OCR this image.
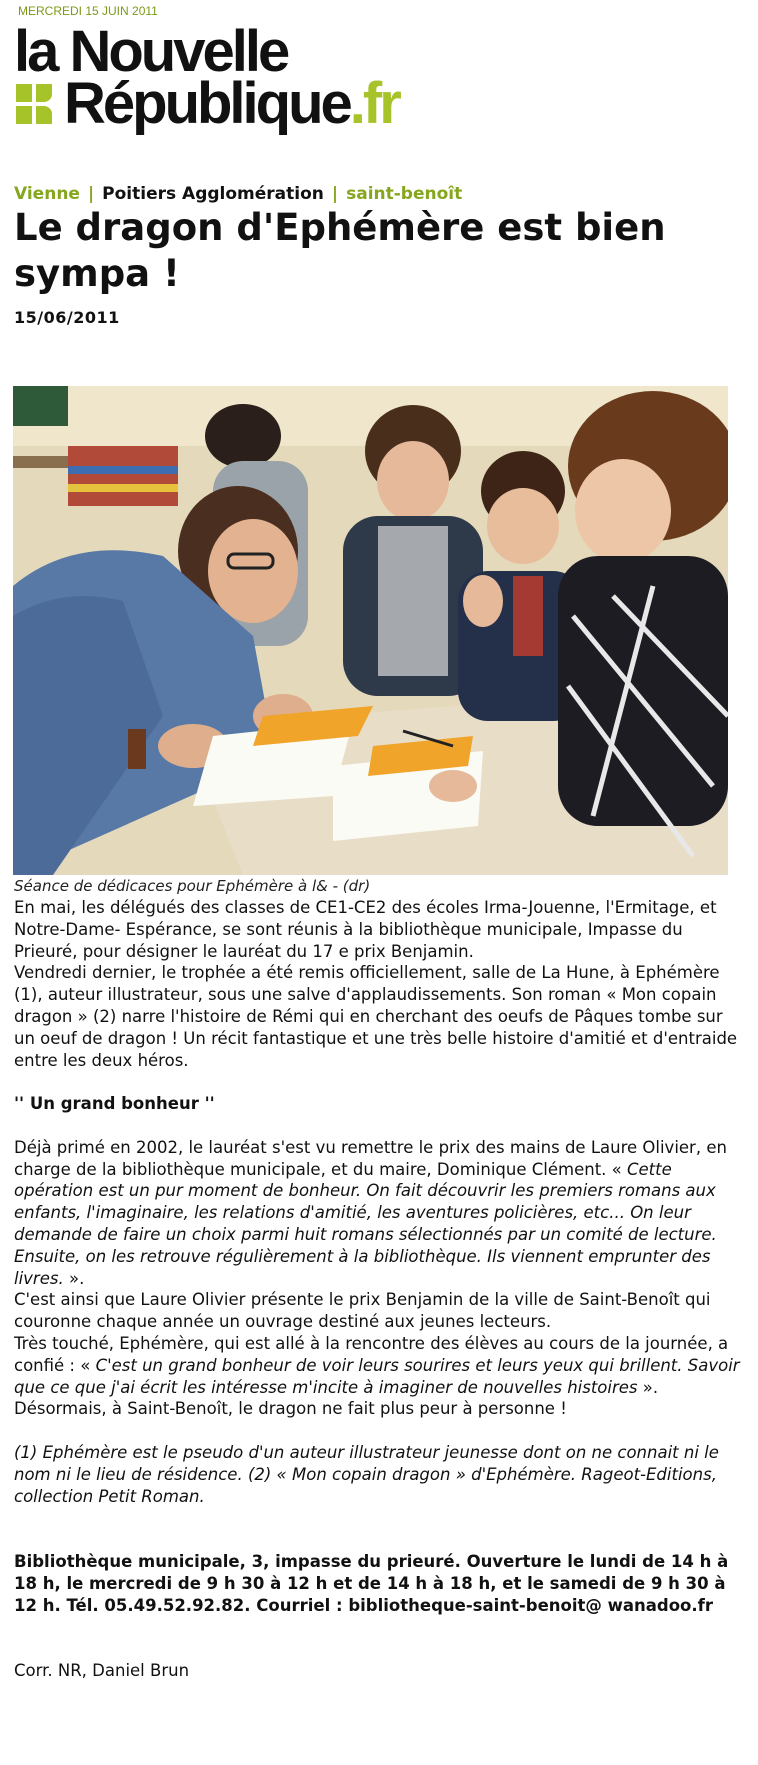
MERCREDI 15 JUIN 2011
la Nouvelle
République.fr
Vienne | Poitiers Agglomération | saint-benoît
Le dragon d'Ephémère est bien sympa !
15/06/2011
Séance de dédicaces pour Ephémère à l& - (dr)

En mai, les délégués des classes de CE1-CE2 des écoles Irma-Jouenne, l'Ermitage, et Notre-Dame- Espérance, se sont réunis à la bibliothèque municipale, Impasse du Prieuré, pour désigner le lauréat du 17 e prix Benjamin.

Vendredi dernier, le trophée a été remis officiellement, salle de La Hune, à Ephémère (1), auteur illustrateur, sous une salve d'applaudissements. Son roman « Mon copain dragon » (2) narre l'histoire de Rémi qui en cherchant des oeufs de Pâques tombe sur un oeuf de dragon ! Un récit fantastique et une très belle histoire d'amitié et d'entraide entre les deux héros.

'' Un grand bonheur ''

Déjà primé en 2002, le lauréat s'est vu remettre le prix des mains de Laure Olivier, en charge de la bibliothèque municipale, et du maire, Dominique Clément. « Cette opération est un pur moment de bonheur. On fait découvrir les premiers romans aux enfants, l'imaginaire, les relations d'amitié, les aventures policières, etc... On leur demande de faire un choix parmi huit romans sélectionnés par un comité de lecture. Ensuite, on les retrouve régulièrement à la bibliothèque. Ils viennent emprunter des livres. ».

C'est ainsi que Laure Olivier présente le prix Benjamin de la ville de Saint-Benoît qui couronne chaque année un ouvrage destiné aux jeunes lecteurs.

Très touché, Ephémère, qui est allé à la rencontre des élèves au cours de la journée, a confié : « C'est un grand bonheur de voir leurs sourires et leurs yeux qui brillent. Savoir que ce que j'ai écrit les intéresse m'incite à imaginer de nouvelles histoires ». Désormais, à Saint-Benoît, le dragon ne fait plus peur à personne !

(1) Ephémère est le pseudo d'un auteur illustrateur jeunesse dont on ne connait ni le nom ni le lieu de résidence. (2) « Mon copain dragon » d'Ephémère. Rageot-Editions, collection Petit Roman.

Bibliothèque municipale, 3, impasse du prieuré. Ouverture le lundi de 14 h à 18 h, le mercredi de 9 h 30 à 12 h et de 14 h à 18 h, et le samedi de 9 h 30 à 12 h. Tél. 05.49.52.92.82. Courriel : bibliotheque-saint-benoit@ wanadoo.fr

Corr. NR, Daniel Brun
